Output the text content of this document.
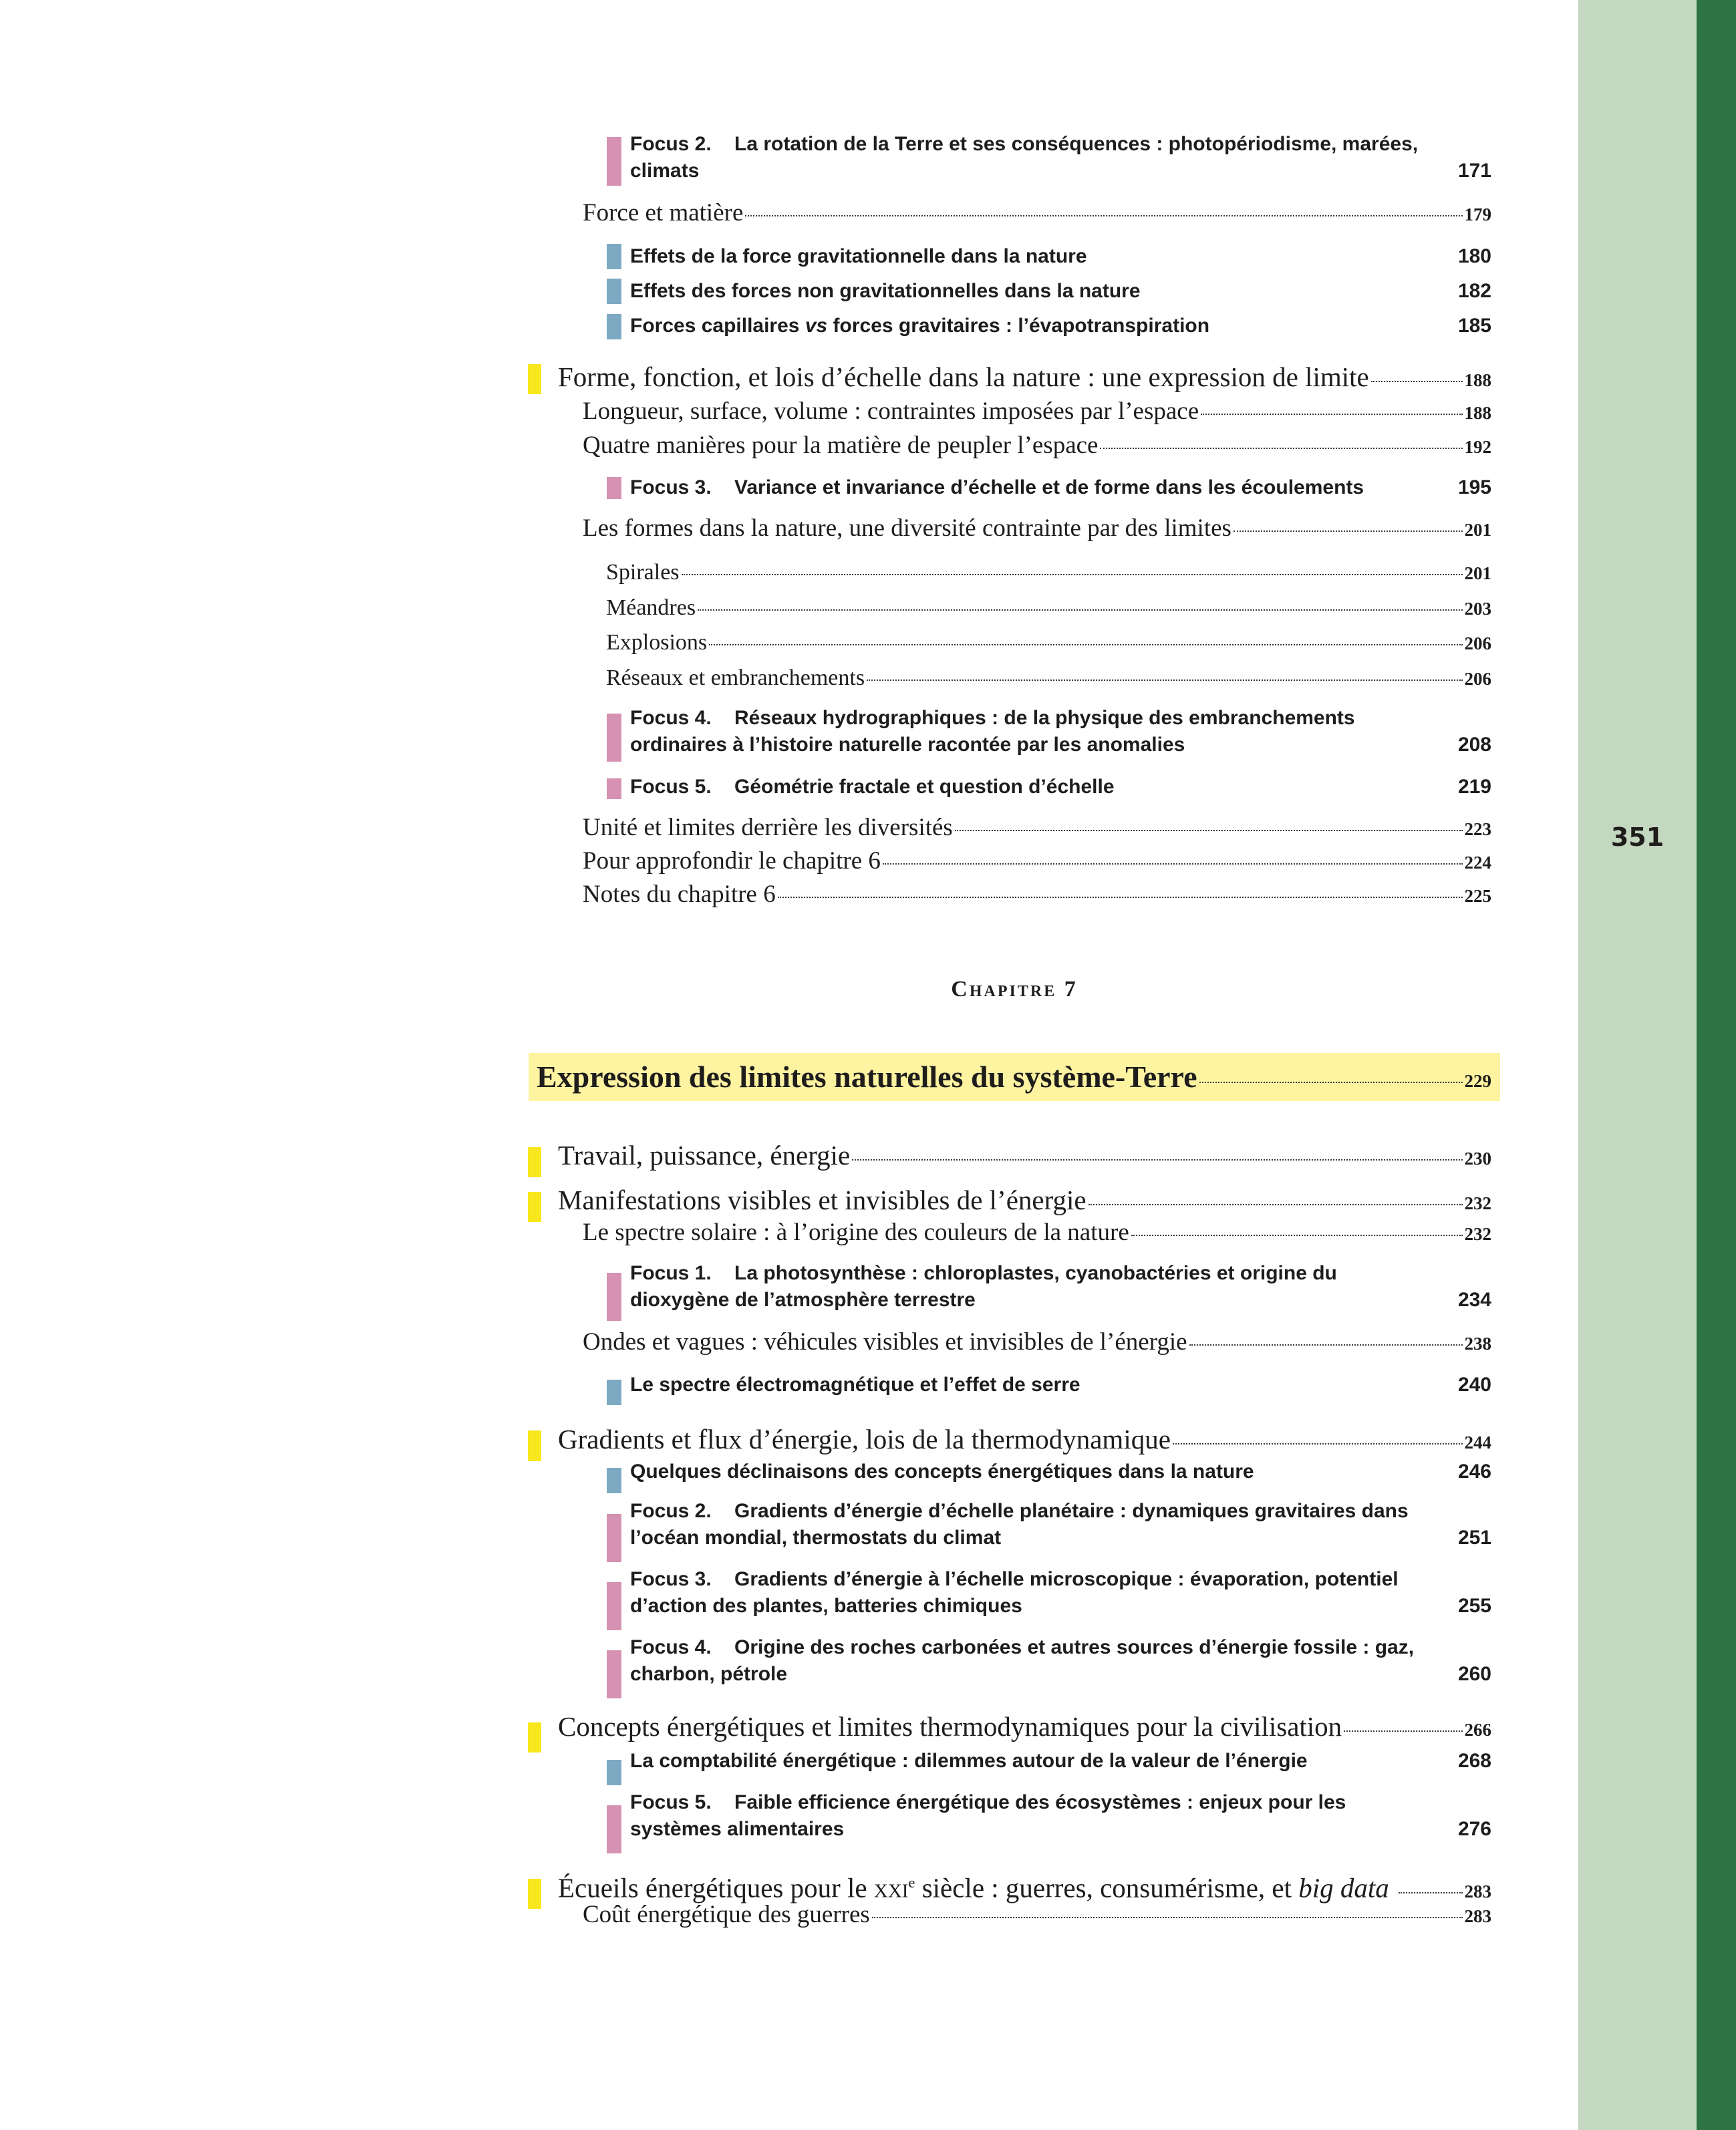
351
Focus 2. La rotation de la Terre et ses conséquences : photopériodisme, marées,
climats	171
Force et matière	179
Effets de la force gravitationnelle dans la nature	180
Effets des forces non gravitationnelles dans la nature	182
Forces capillaires vs forces gravitaires : l’évapotranspiration	185
Forme, fonction, et lois d’échelle dans la nature : une expression de limite	188
Longueur, surface, volume : contraintes imposées par l’espace	188
Quatre manières pour la matière de peupler l’espace	192
Focus 3. Variance et invariance d’échelle et de forme dans les écoulements	195
Les formes dans la nature, une diversité contrainte par des limites	201
Spirales	201
Méandres	203
Explosions	206
Réseaux et embranchements	206
Focus 4. Réseaux hydrographiques : de la physique des embranchements
ordinaires à l’histoire naturelle racontée par les anomalies	208
Focus 5. Géométrie fractale et question d’échelle	219
Unité et limites derrière les diversités	223
Pour approfondir le chapitre 6	224
Notes du chapitre 6	225
Chapitre 7
Expression des limites naturelles du système-Terre	229
Travail, puissance, énergie	230
Manifestations visibles et invisibles de l’énergie	232
Le spectre solaire : à l’origine des couleurs de la nature	232
Focus 1. La photosynthèse : chloroplastes, cyanobactéries et origine du
dioxygène de l’atmosphère terrestre	234
Ondes et vagues : véhicules visibles et invisibles de l’énergie	238
Le spectre électromagnétique et l’effet de serre	240
Gradients et flux d’énergie, lois de la thermodynamique	244
Quelques déclinaisons des concepts énergétiques dans la nature	246
Focus 2. Gradients d’énergie d’échelle planétaire : dynamiques gravitaires dans
l’océan mondial, thermostats du climat	251
Focus 3. Gradients d’énergie à l’échelle microscopique : évaporation, potentiel
d’action des plantes, batteries chimiques	255
Focus 4. Origine des roches carbonées et autres sources d’énergie fossile : gaz,
charbon, pétrole	260
Concepts énergétiques et limites thermodynamiques pour la civilisation	266
La comptabilité énergétique : dilemmes autour de la valeur de l’énergie	268
Focus 5. Faible efficience énergétique des écosystèmes : enjeux pour les
systèmes alimentaires	276
Écueils énergétiques pour le xxi$^e$ siècle : guerres, consumérisme, et big data	283
Coût énergétique des guerres	283
